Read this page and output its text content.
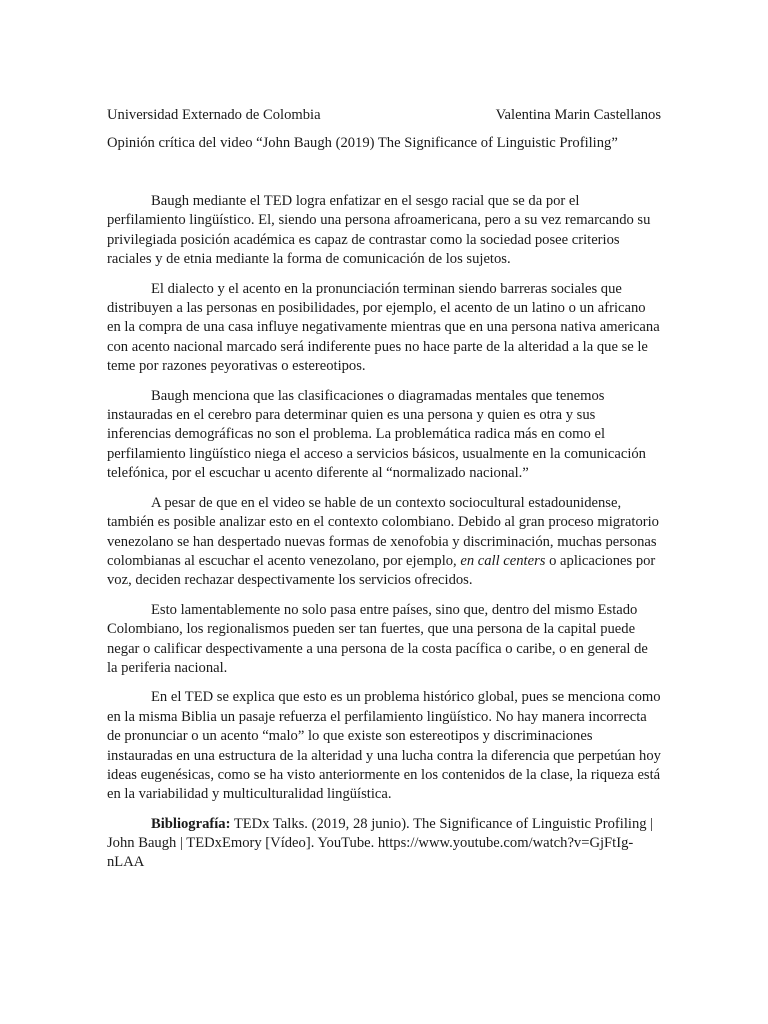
Universidad Externado de Colombia	Valentina Marin Castellanos
Opinión crítica del video “John Baugh (2019) The Significance of Linguistic Profiling”

Baugh mediante el TED logra enfatizar en el sesgo racial que se da por el perfilamiento lingüístico. El, siendo una persona afroamericana, pero a su vez remarcando su privilegiada posición académica es capaz de contrastar como la sociedad posee criterios raciales y de etnia mediante la forma de comunicación de los sujetos.

El dialecto y el acento en la pronunciación terminan siendo barreras sociales que distribuyen a las personas en posibilidades, por ejemplo, el acento de un latino o un africano en la compra de una casa influye negativamente mientras que en una persona nativa americana con acento nacional marcado será indiferente pues no hace parte de la alteridad a la que se le teme por razones peyorativas o estereotipos.

Baugh menciona que las clasificaciones o diagramadas mentales que tenemos instauradas en el cerebro para determinar quien es una persona y quien es otra y sus inferencias demográficas no son el problema. La problemática radica más en como el perfilamiento lingüístico niega el acceso a servicios básicos, usualmente en la comunicación telefónica, por el escuchar u acento diferente al “normalizado nacional.”

A pesar de que en el video se hable de un contexto sociocultural estadounidense, también es posible analizar esto en el contexto colombiano. Debido al gran proceso migratorio venezolano se han despertado nuevas formas de xenofobia y discriminación, muchas personas colombianas al escuchar el acento venezolano, por ejemplo, en call centers o aplicaciones por voz, deciden rechazar despectivamente los servicios ofrecidos.

Esto lamentablemente no solo pasa entre países, sino que, dentro del mismo Estado Colombiano, los regionalismos pueden ser tan fuertes, que una persona de la capital puede negar o calificar despectivamente a una persona de la costa pacífica o caribe, o en general de la periferia nacional.

En el TED se explica que esto es un problema histórico global, pues se menciona como en la misma Biblia un pasaje refuerza el perfilamiento lingüístico. No hay manera incorrecta de pronunciar o un acento “malo” lo que existe son estereotipos y discriminaciones instauradas en una estructura de la alteridad y una lucha contra la diferencia que perpetúan hoy ideas eugenésicas, como se ha visto anteriormente en los contenidos de la clase, la riqueza está en la variabilidad y multiculturalidad lingüística.

Bibliografía: TEDx Talks. (2019, 28 junio). The Significance of Linguistic Profiling | John Baugh | TEDxEmory [Vídeo]. YouTube. https://www.youtube.com/watch?v=GjFtIg-nLAA
